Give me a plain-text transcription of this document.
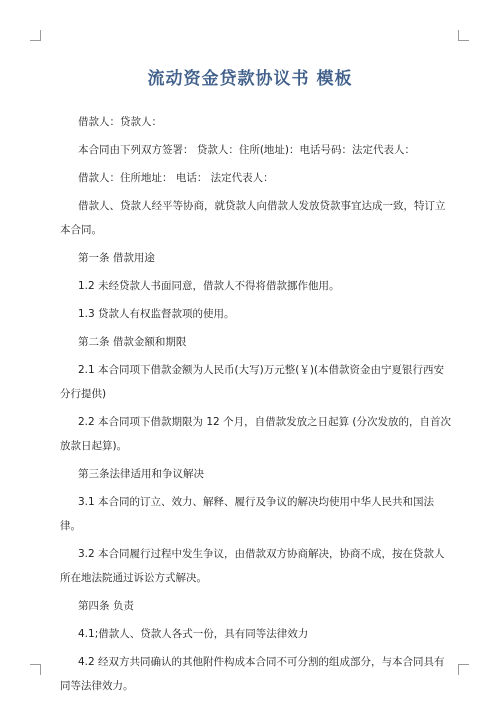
流动资金贷款协议书 模板

借款人：贷款人：

本合同由下列双方签署： 贷款人：住所(地址)：电话号码：法定代表人：

借款人：住所地址： 电话： 法定代表人：

借款人、贷款人经平等协商，就贷款人向借款人发放贷款事宜达成一致，特订立本合同。

第一条 借款用途

1.2 未经贷款人书面同意，借款人不得将借款挪作他用。

1.3 贷款人有权监督款项的使用。

第二条 借款金额和期限

2.1 本合同项下借款金额为人民币(大写)万元整(￥)(本借款资金由宁夏银行西安分行提供)

2.2 本合同项下借款期限为 12 个月，自借款发放之日起算 (分次发放的，自首次放款日起算)。

第三条法律适用和争议解决

3.1 本合同的订立、效力、解释、履行及争议的解决均使用中华人民共和国法律。

3.2 本合同履行过程中发生争议，由借款双方协商解决，协商不成，按在贷款人所在地法院通过诉讼方式解决。

第四条 负责

4.1;借款人、贷款人各式一份，具有同等法律效力

4.2 经双方共同确认的其他附件构成本合同不可分割的组成部分，与本合同具有同等法律效力。
